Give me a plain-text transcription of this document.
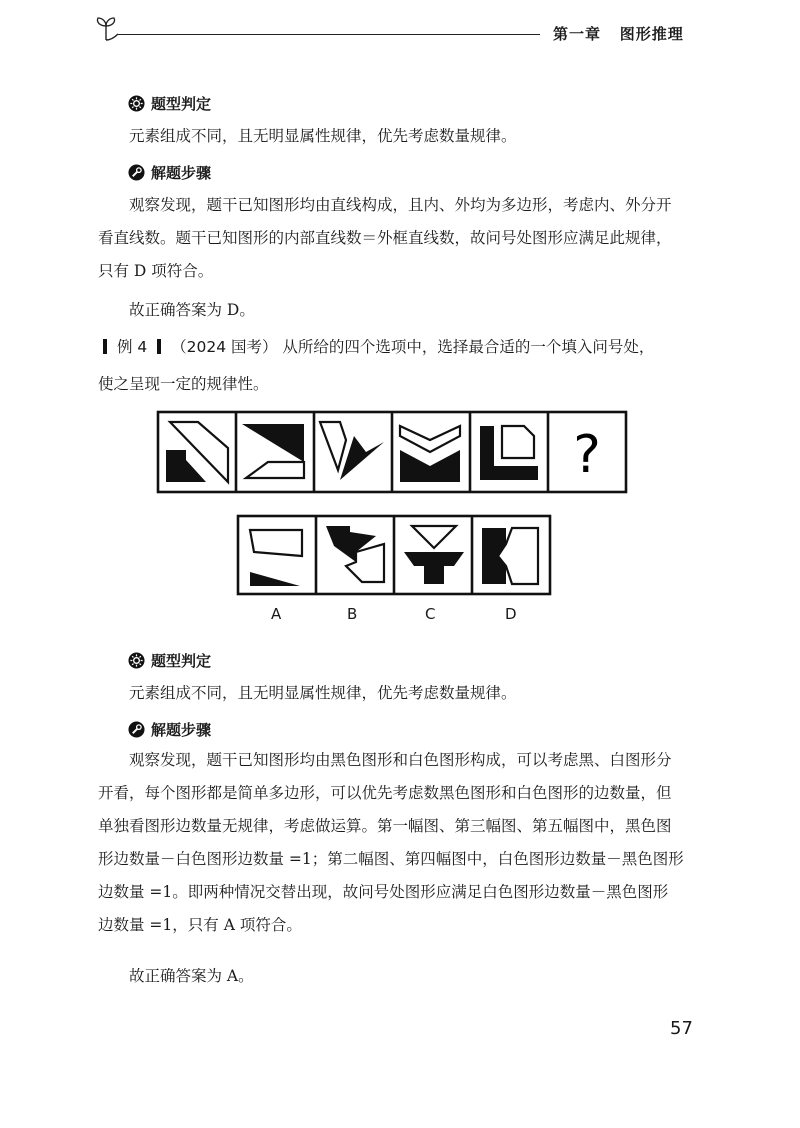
第一章 图形推理
题型判定
元素组成不同，且无明显属性规律，优先考虑数量规律。
解题步骤
观察发现，题干已知图形均由直线构成，且内、外均为多边形，考虑内、外分开
看直线数。题干已知图形的内部直线数＝外框直线数，故问号处图形应满足此规律，
只有 D 项符合。
故正确答案为 D。
例 4 （2024 国考） 从所给的四个选项中，选择最合适的一个填入问号处，
使之呈现一定的规律性。
?
A	B	C	D
题型判定
元素组成不同，且无明显属性规律，优先考虑数量规律。
解题步骤
观察发现，题干已知图形均由黑色图形和白色图形构成，可以考虑黑、白图形分
开看，每个图形都是简单多边形，可以优先考虑数黑色图形和白色图形的边数量，但
单独看图形边数量无规律，考虑做运算。第一幅图、第三幅图、第五幅图中，黑色图
形边数量－白色图形边数量 =1；第二幅图、第四幅图中，白色图形边数量－黑色图形
边数量 =1。即两种情况交替出现，故问号处图形应满足白色图形边数量－黑色图形
边数量 =1，只有 A 项符合。
故正确答案为 A。
57
